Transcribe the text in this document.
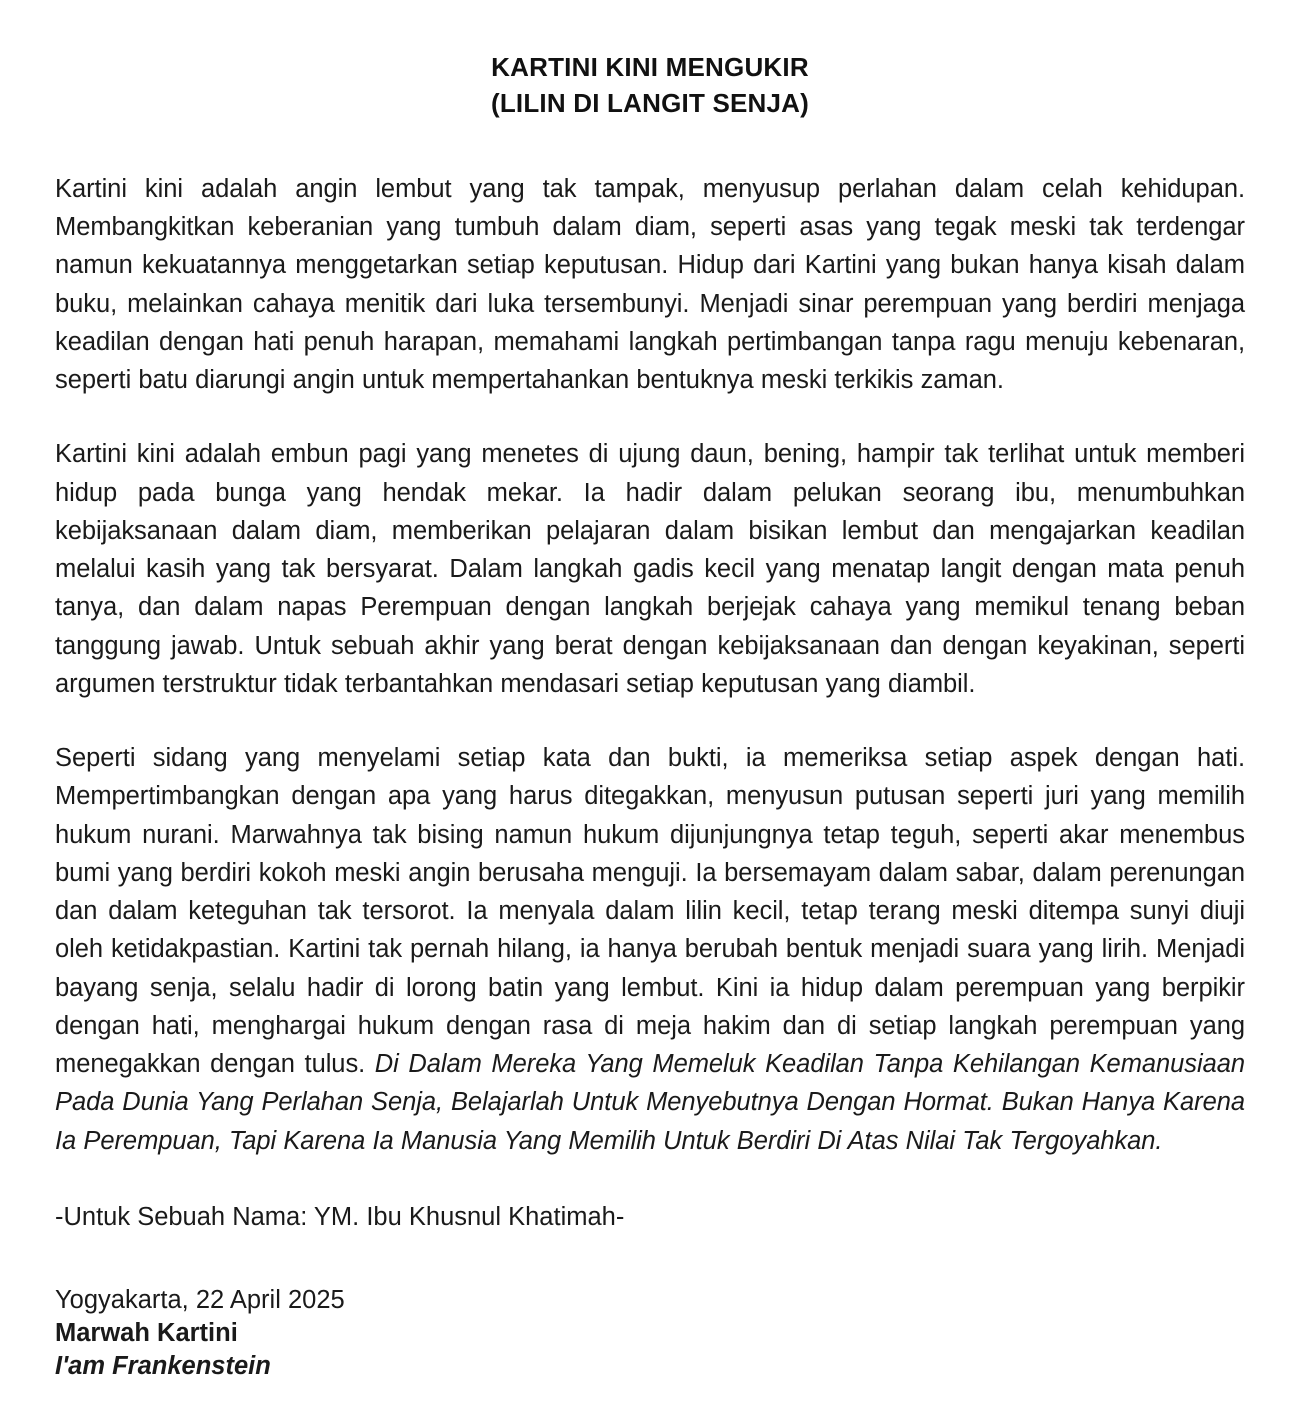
KARTINI KINI MENGUKIR
(LILIN DI LANGIT SENJA)

Kartini kini adalah angin lembut yang tak tampak, menyusup perlahan dalam celah kehidupan. Membangkitkan keberanian yang tumbuh dalam diam, seperti asas yang tegak meski tak terdengar namun kekuatannya menggetarkan setiap keputusan. Hidup dari Kartini yang bukan hanya kisah dalam buku, melainkan cahaya menitik dari luka tersembunyi. Menjadi sinar perempuan yang berdiri menjaga keadilan dengan hati penuh harapan, memahami langkah pertimbangan tanpa ragu menuju kebenaran, seperti batu diarungi angin untuk mempertahankan bentuknya meski terkikis zaman.

Kartini kini adalah embun pagi yang menetes di ujung daun, bening, hampir tak terlihat untuk memberi hidup pada bunga yang hendak mekar. Ia hadir dalam pelukan seorang ibu, menumbuhkan kebijaksanaan dalam diam, memberikan pelajaran dalam bisikan lembut dan mengajarkan keadilan melalui kasih yang tak bersyarat. Dalam langkah gadis kecil yang menatap langit dengan mata penuh tanya, dan dalam napas Perempuan dengan langkah berjejak cahaya yang memikul tenang beban tanggung jawab. Untuk sebuah akhir yang berat dengan kebijaksanaan dan dengan keyakinan, seperti argumen terstruktur tidak terbantahkan mendasari setiap keputusan yang diambil.

Seperti sidang yang menyelami setiap kata dan bukti, ia memeriksa setiap aspek dengan hati. Mempertimbangkan dengan apa yang harus ditegakkan, menyusun putusan seperti juri yang memilih hukum nurani. Marwahnya tak bising namun hukum dijunjungnya tetap teguh, seperti akar menembus bumi yang berdiri kokoh meski angin berusaha menguji. Ia bersemayam dalam sabar, dalam perenungan dan dalam keteguhan tak tersorot. Ia menyala dalam lilin kecil, tetap terang meski ditempa sunyi diuji oleh ketidakpastian. Kartini tak pernah hilang, ia hanya berubah bentuk menjadi suara yang lirih. Menjadi bayang senja, selalu hadir di lorong batin yang lembut. Kini ia hidup dalam perempuan yang berpikir dengan hati, menghargai hukum dengan rasa di meja hakim dan di setiap langkah perempuan yang menegakkan dengan tulus. Di Dalam Mereka Yang Memeluk Keadilan Tanpa Kehilangan Kemanusiaan Pada Dunia Yang Perlahan Senja, Belajarlah Untuk Menyebutnya Dengan Hormat. Bukan Hanya Karena Ia Perempuan, Tapi Karena Ia Manusia Yang Memilih Untuk Berdiri Di Atas Nilai Tak Tergoyahkan.

-Untuk Sebuah Nama: YM. Ibu Khusnul Khatimah-

Yogyakarta, 22 April 2025
Marwah Kartini
I'am Frankenstein
